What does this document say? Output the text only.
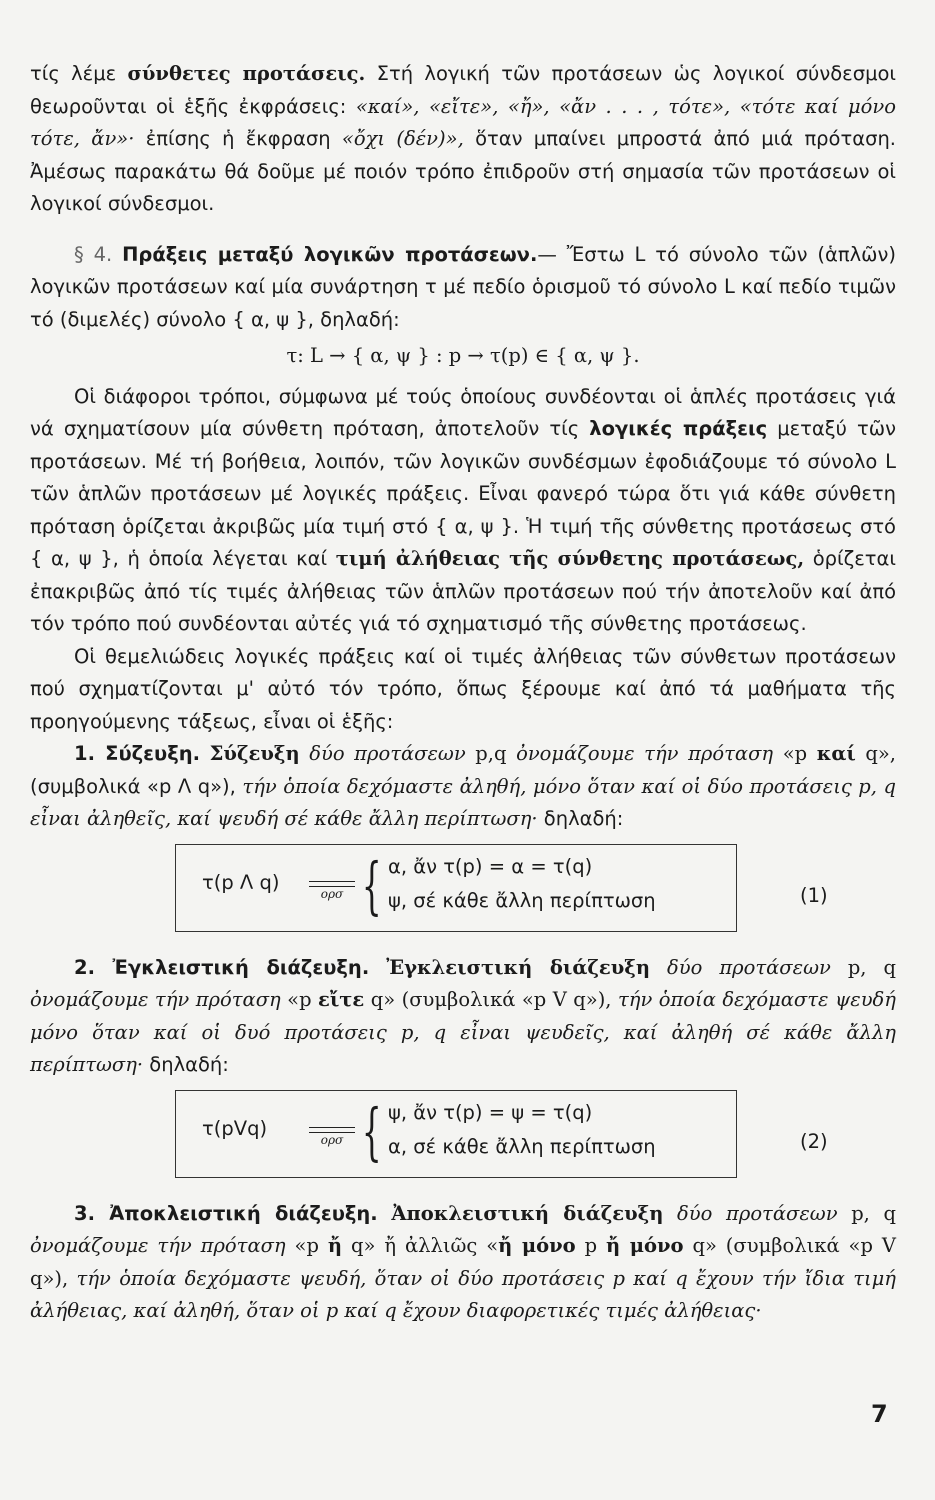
τίς λέμε σύνθετες προτάσεις. Στή λογική τῶν προτάσεων ὡς λογικοί σύνδεσμοι θεωροῦνται οἱ ἑξῆς ἐκφράσεις: «καί», «εἴτε», «ἤ», «ἄν . . . , τότε», «τότε καί μόνο τότε, ἄν»· ἐπίσης ἡ ἔκφραση «ὄχι (δέν)», ὅταν μπαίνει μπροστά ἀπό μιά πρόταση. Ἀμέσως παρακάτω θά δοῦμε μέ ποιόν τρόπο ἐπιδροῦν στή σημασία τῶν προτάσεων οἱ λογικοί σύνδεσμοι.

§ 4. Πράξεις μεταξύ λογικῶν προτάσεων.— Ἔστω L τό σύνολο τῶν (ἁπλῶν) λογικῶν προτάσεων καί μία συνάρτηση τ μέ πεδίο ὁρισμοῦ τό σύνολο L καί πεδίο τιμῶν τό (διμελές) σύνολο { α, ψ }, δηλαδή:

τ: L → { α, ψ } : p → τ(p) ∈ { α, ψ }.

Οἱ διάφοροι τρόποι, σύμφωνα μέ τούς ὁποίους συνδέονται οἱ ἁπλές προτάσεις γιά νά σχηματίσουν μία σύνθετη πρόταση, ἀποτελοῦν τίς λογικές πράξεις μεταξύ τῶν προτάσεων. Μέ τή βοήθεια, λοιπόν, τῶν λογικῶν συνδέσμων ἐφοδιάζουμε τό σύνολο L τῶν ἁπλῶν προτάσεων μέ λογικές πράξεις. Εἶναι φανερό τώρα ὅτι γιά κάθε σύνθετη πρόταση ὁρίζεται ἀκριβῶς μία τιμή στό { α, ψ }. Ἡ τιμή τῆς σύνθετης προτάσεως στό { α, ψ }, ἡ ὁποία λέγεται καί τιμή ἀλήθειας τῆς σύνθετης προτάσεως, ὁρίζεται ἐπακριβῶς ἀπό τίς τιμές ἀλήθειας τῶν ἁπλῶν προτάσεων πού τήν ἀποτελοῦν καί ἀπό τόν τρόπο πού συνδέονται αὐτές γιά τό σχηματισμό τῆς σύνθετης προτάσεως.

Οἱ θεμελιώδεις λογικές πράξεις καί οἱ τιμές ἀλήθειας τῶν σύνθετων προτάσεων πού σχηματίζονται μ' αὐτό τόν τρόπο, ὅπως ξέρουμε καί ἀπό τά μαθήματα τῆς προηγούμενης τάξεως, εἶναι οἱ ἑξῆς:

1. Σύζευξη. Σύζευξη δύο προτάσεων p,q ὀνομάζουμε τήν πρόταση «p καί q», (συμβολικά «p Λ q»), τήν ὁποία δεχόμαστε ἀληθή, μόνο ὅταν καί οἱ δύο προτάσεις p, q εἶναι ἀληθεῖς, καί ψευδή σέ κάθε ἄλλη περίπτωση· δηλαδή:

τ(p Λ q)	ορσ { α, ἄν τ(p) = α = τ(q)
ψ, σέ κάθε ἄλλη περίπτωση	(1)

2. Ἐγκλειστική διάζευξη. Ἐγκλειστική διάζευξη δύο προτάσεων p, q ὀνομάζουμε τήν πρόταση «p εἴτε q» (συμβολικά «p V q»), τήν ὁποία δεχόμαστε ψευδή μόνο ὅταν καί οἱ δυό προτάσεις p, q εἶναι ψευδεῖς, καί ἀληθή σέ κάθε ἄλλη περίπτωση· δηλαδή:

τ(pVq)	ορσ { ψ, ἄν τ(p) = ψ = τ(q)
α, σέ κάθε ἄλλη περίπτωση	(2)

3. Ἀποκλειστική διάζευξη. Ἀποκλειστική διάζευξη δύο προτάσεων p, q ὀνομάζουμε τήν πρόταση «p ἤ q» ἤ ἀλλιῶς «ἤ μόνο p ἤ μόνο q» (συμβολικά «p V q»), τήν ὁποία δεχόμαστε ψευδή, ὅταν οἱ δύο προτάσεις p καί q ἔχουν τήν ἴδια τιμή ἀλήθειας, καί ἀληθή, ὅταν οἱ p καί q ἔχουν διαφορετικές τιμές ἀλήθειας·

7
